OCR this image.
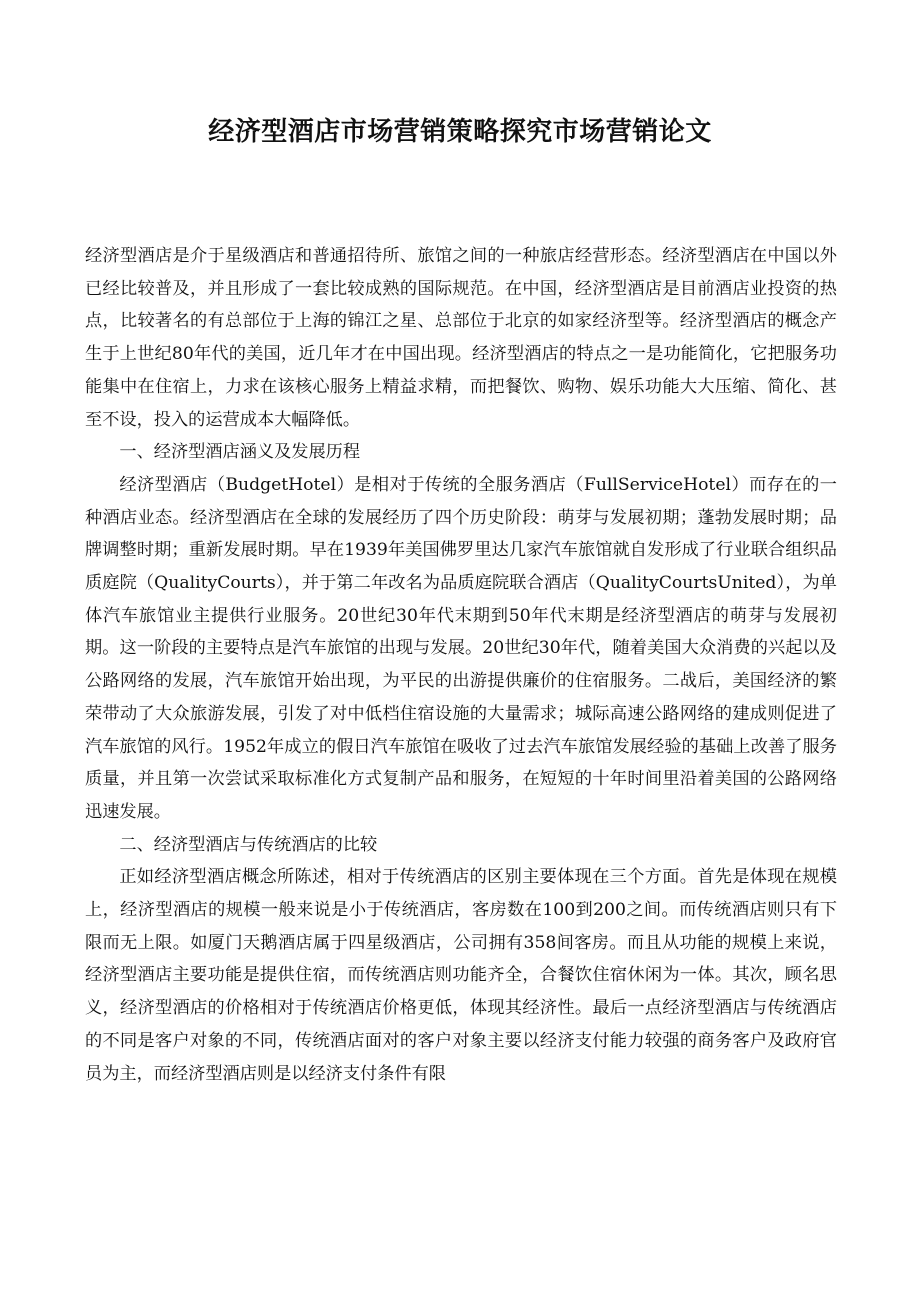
经济型酒店市场营销策略探究市场营销论文

经济型酒店是介于星级酒店和普通招待所、旅馆之间的一种旅店经营形态。经济型酒店在中国以外已经比较普及，并且形成了一套比较成熟的国际规范。在中国，经济型酒店是目前酒店业投资的热点，比较著名的有总部位于上海的锦江之星、总部位于北京的如家经济型等。经济型酒店的概念产生于上世纪80年代的美国，近几年才在中国出现。经济型酒店的特点之一是功能简化，它把服务功能集中在住宿上，力求在该核心服务上精益求精，而把餐饮、购物、娱乐功能大大压缩、简化、甚至不设，投入的运营成本大幅降低。

一、经济型酒店涵义及发展历程

经济型酒店（BudgetHotel）是相对于传统的全服务酒店（FullServiceHotel）而存在的一种酒店业态。经济型酒店在全球的发展经历了四个历史阶段：萌芽与发展初期；蓬勃发展时期；品牌调整时期；重新发展时期。早在1939年美国佛罗里达几家汽车旅馆就自发形成了行业联合组织品质庭院（QualityCourts），并于第二年改名为品质庭院联合酒店（QualityCourtsUnited），为单体汽车旅馆业主提供行业服务。20世纪30年代末期到50年代末期是经济型酒店的萌芽与发展初期。这一阶段的主要特点是汽车旅馆的出现与发展。20世纪30年代，随着美国大众消费的兴起以及公路网络的发展，汽车旅馆开始出现，为平民的出游提供廉价的住宿服务。二战后，美国经济的繁荣带动了大众旅游发展，引发了对中低档住宿设施的大量需求；城际高速公路网络的建成则促进了汽车旅馆的风行。1952年成立的假日汽车旅馆在吸收了过去汽车旅馆发展经验的基础上改善了服务质量，并且第一次尝试采取标准化方式复制产品和服务，在短短的十年时间里沿着美国的公路网络迅速发展。

二、经济型酒店与传统酒店的比较

正如经济型酒店概念所陈述，相对于传统酒店的区别主要体现在三个方面。首先是体现在规模上，经济型酒店的规模一般来说是小于传统酒店，客房数在100到200之间。而传统酒店则只有下限而无上限。如厦门天鹅酒店属于四星级酒店，公司拥有358间客房。而且从功能的规模上来说，经济型酒店主要功能是提供住宿，而传统酒店则功能齐全，合餐饮住宿休闲为一体。其次，顾名思义，经济型酒店的价格相对于传统酒店价格更低，体现其经济性。最后一点经济型酒店与传统酒店的不同是客户对象的不同，传统酒店面对的客户对象主要以经济支付能力较强的商务客户及政府官员为主，而经济型酒店则是以经济支付条件有限
